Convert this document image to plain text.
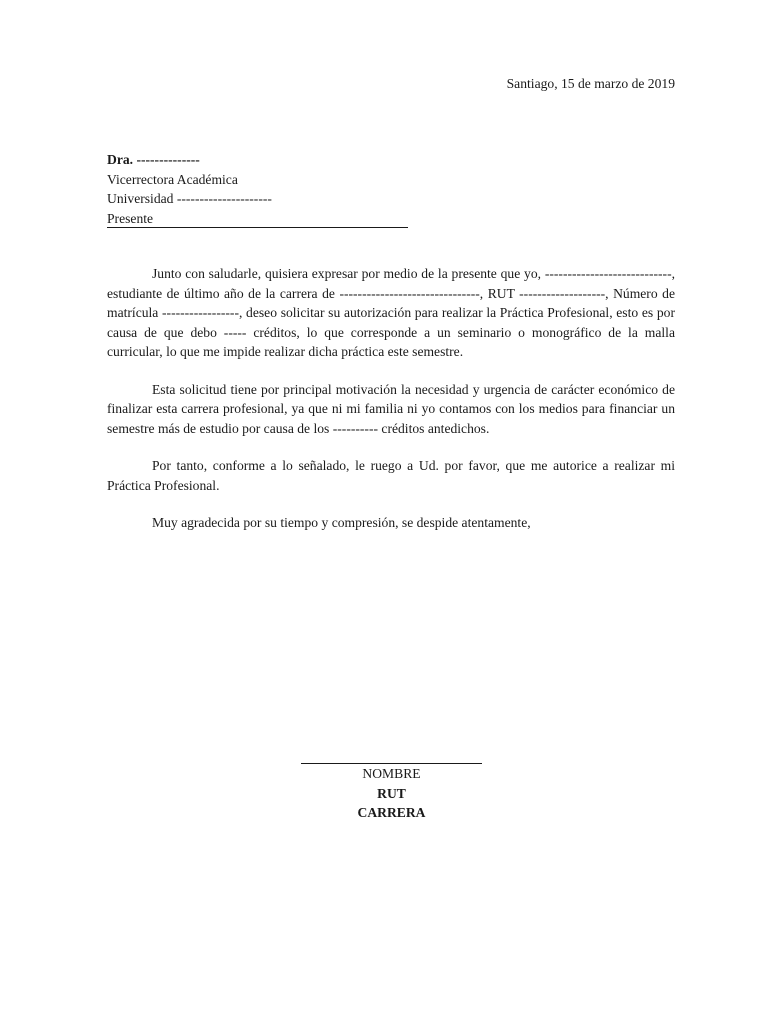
Santiago, 15 de marzo de 2019
Dra. --------------
Vicerrectora Académica
Universidad ---------------------
Presente

Junto con saludarle, quisiera expresar por medio de la presente que yo, ----------------------------, estudiante de último año de la carrera de -------------------------------, RUT -------------------, Número de matrícula -----------------, deseo solicitar su autorización para realizar la Práctica Profesional, esto es por causa de que debo ----- créditos, lo que corresponde a un seminario o monográfico de la malla curricular, lo que me impide realizar dicha práctica este semestre.

Esta solicitud tiene por principal motivación la necesidad y urgencia de carácter económico de finalizar esta carrera profesional, ya que ni mi familia ni yo contamos con los medios para financiar un semestre más de estudio por causa de los ---------- créditos antedichos.

Por tanto, conforme a lo señalado, le ruego a Ud. por favor, que me autorice a realizar mi Práctica Profesional.

Muy agradecida por su tiempo y compresión, se despide atentamente,

NOMBRE
RUT
CARRERA
